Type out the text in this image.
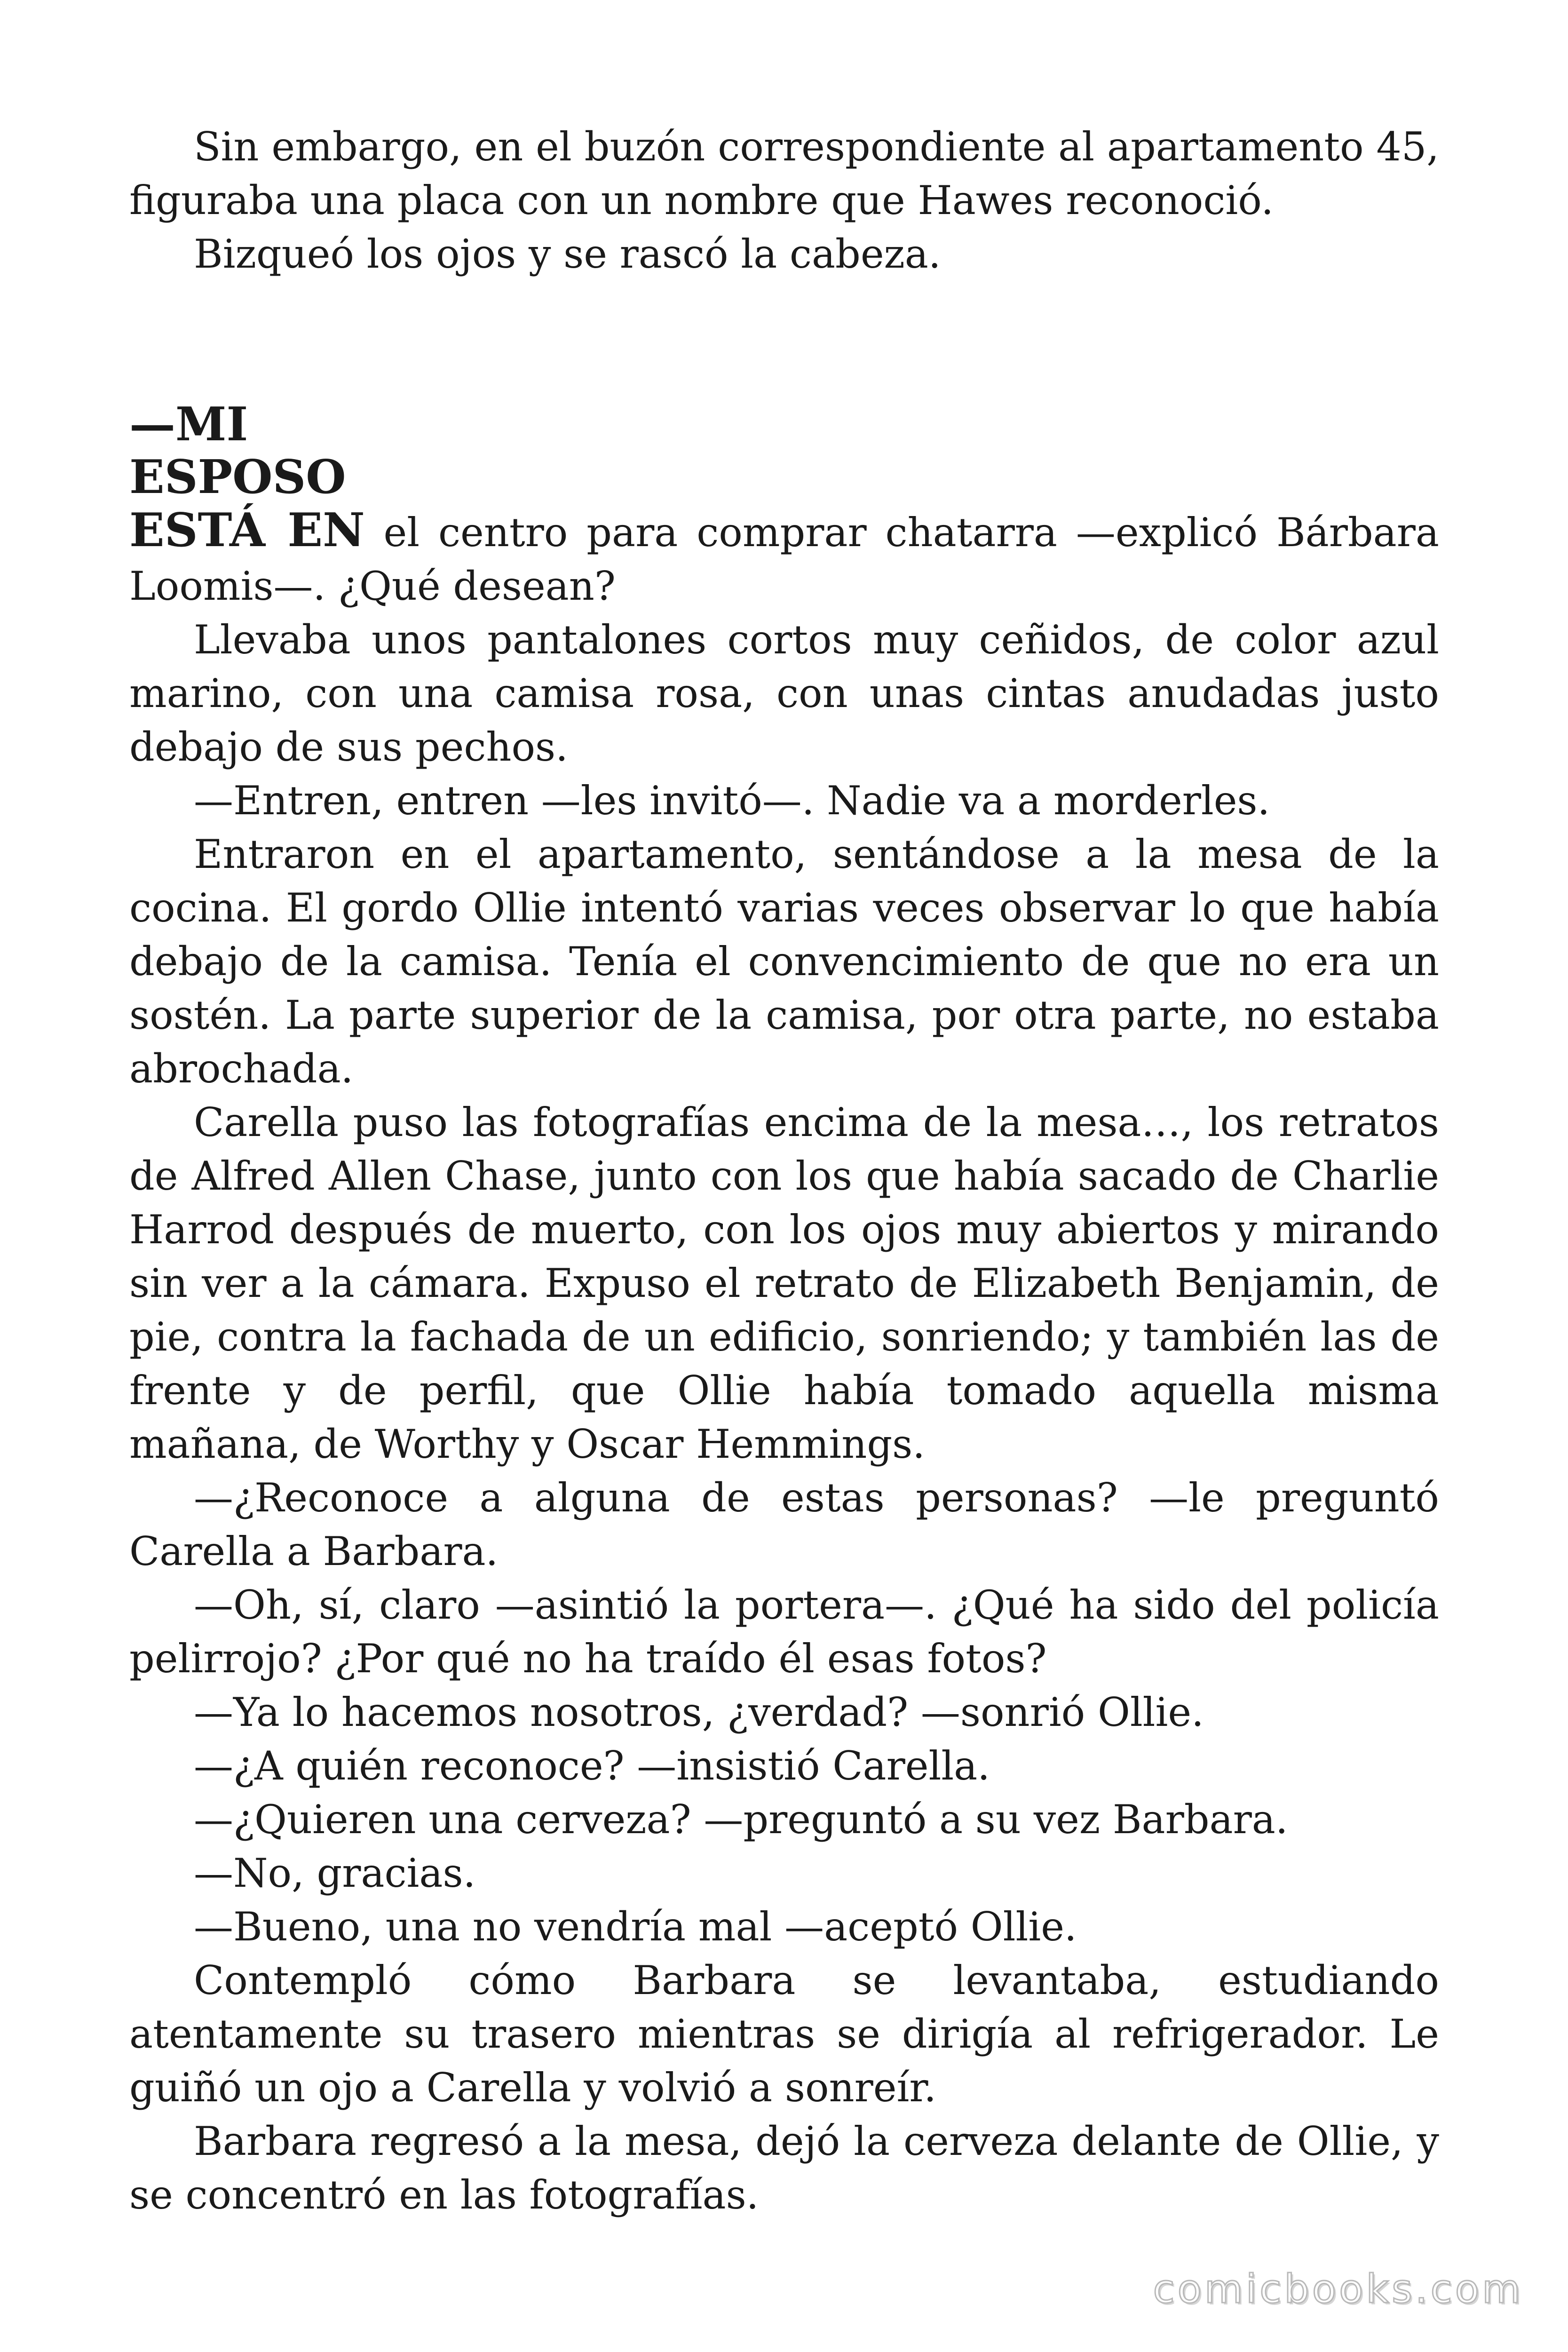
Sin embargo, en el buzón correspondiente al apartamento 45, figuraba una placa con un nombre que Hawes reconoció.

Bizqueó los ojos y se rascó la cabeza.

—MI
ESPOSO

ESTÁ EN el centro para comprar chatarra —explicó Bárbara Loomis—. ¿Qué desean?

Llevaba unos pantalones cortos muy ceñidos, de color azul marino, con una camisa rosa, con unas cintas anudadas justo debajo de sus pechos.

—Entren, entren —les invitó—. Nadie va a morderles.

Entraron en el apartamento, sentándose a la mesa de la cocina. El gordo Ollie intentó varias veces observar lo que había debajo de la camisa. Tenía el convencimiento de que no era un sostén. La parte superior de la camisa, por otra parte, no estaba abrochada.

Carella puso las fotografías encima de la mesa…, los retratos de Alfred Allen Chase, junto con los que había sacado de Charlie Harrod después de muerto, con los ojos muy abiertos y mirando sin ver a la cámara. Expuso el retrato de Elizabeth Benjamin, de pie, contra la fachada de un edificio, sonriendo; y también las de frente y de perfil, que Ollie había tomado aquella misma mañana, de Worthy y Oscar Hemmings.

—¿Reconoce a alguna de estas personas? —le preguntó Carella a Barbara.

—Oh, sí, claro —asintió la portera—. ¿Qué ha sido del policía pelirrojo? ¿Por qué no ha traído él esas fotos?

—Ya lo hacemos nosotros, ¿verdad? —sonrió Ollie.

—¿A quién reconoce? —insistió Carella.

—¿Quieren una cerveza? —preguntó a su vez Barbara.

—No, gracias.

—Bueno, una no vendría mal —aceptó Ollie.

Contempló cómo Barbara se levantaba, estudiando atentamente su trasero mientras se dirigía al refrigerador. Le guiñó un ojo a Carella y volvió a sonreír.

Barbara regresó a la mesa, dejó la cerveza delante de Ollie, y se concentró en las fotografías.

comicbooks.com
